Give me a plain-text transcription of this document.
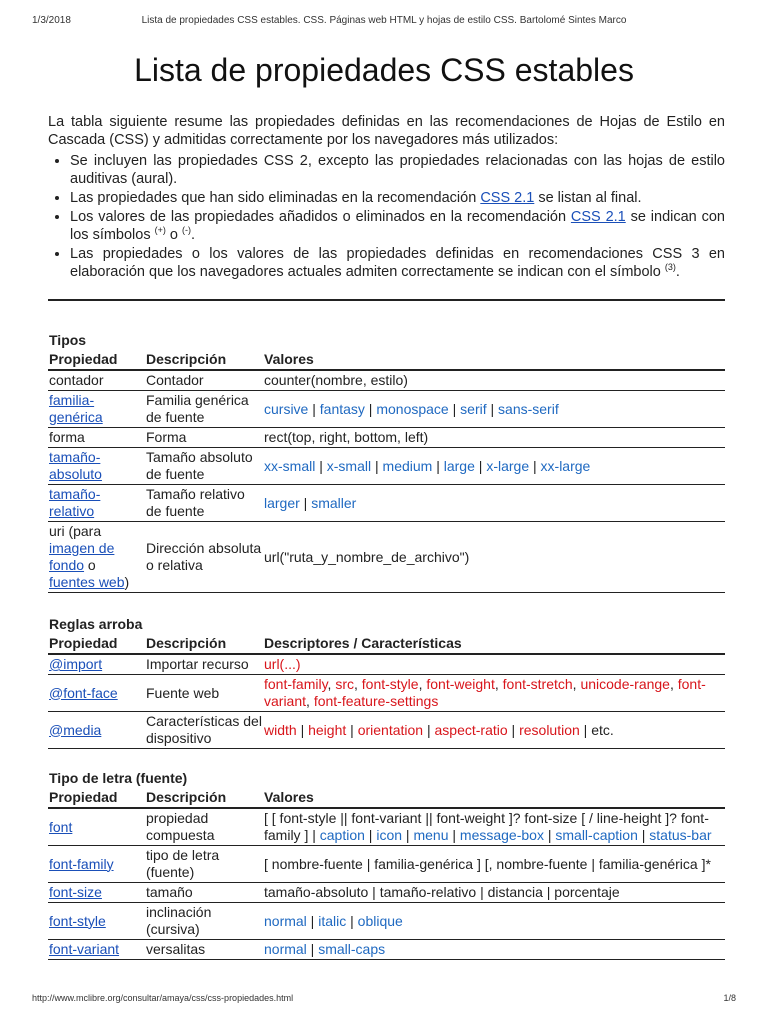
1/3/2018	Lista de propiedades CSS estables. CSS. Páginas web HTML y hojas de estilo CSS. Bartolomé Sintes Marco
Lista de propiedades CSS estables

La tabla siguiente resume las propiedades definidas en las recomendaciones de Hojas de Estilo en Cascada (CSS) y admitidas correctamente por los navegadores más utilizados:

• Se incluyen las propiedades CSS 2, excepto las propiedades relacionadas con las hojas de estilo auditivas (aural).
• Las propiedades que han sido eliminadas en la recomendación CSS 2.1 se listan al final.
• Los valores de las propiedades añadidos o eliminados en la recomendación CSS 2.1 se indican con los símbolos (+) o (-).
• Las propiedades o los valores de las propiedades definidas en recomendaciones CSS 3 en elaboración que los navegadores actuales admiten correctamente se indican con el símbolo $^{(3)}$.
Tipos
Propiedad	Descripción	Valores
contador	Contador	counter(nombre, estilo)
familia-genérica	Familia genérica de fuente	cursive | fantasy | monospace | serif | sans-serif
forma	Forma	rect(top, right, bottom, left)
tamaño-absoluto	Tamaño absoluto de fuente	xx-small | x-small | medium | large | x-large | xx-large
tamaño-relativo	Tamaño relativo de fuente	larger | smaller
uri (para imagen de fondo o fuentes web)	Dirección absoluta o relativa	url("ruta_y_nombre_de_archivo")
Reglas arroba
Propiedad	Descripción	Descriptores / Características
@import	Importar recurso	url(...)
@font-face	Fuente web	font-family, src, font-style, font-weight, font-stretch, unicode-range, font-variant, font-feature-settings
@media	Características del dispositivo	width | height | orientation | aspect-ratio | resolution | etc.
Tipo de letra (fuente)
Propiedad	Descripción	Valores
font	propiedad compuesta	[ [ font-style || font-variant || font-weight ]? font-size [ / line-height ]? font-family ] | caption | icon | menu | message-box | small-caption | status-bar
font-family	tipo de letra (fuente)	[ nombre-fuente | familia-genérica ] [, nombre-fuente | familia-genérica ]*
font-size	tamaño	tamaño-absoluto | tamaño-relativo | distancia | porcentaje
font-style	inclinación (cursiva)	normal | italic | oblique
font-variant	versalitas	normal | small-caps
http://www.mclibre.org/consultar/amaya/css/css-propiedades.html	1/8
